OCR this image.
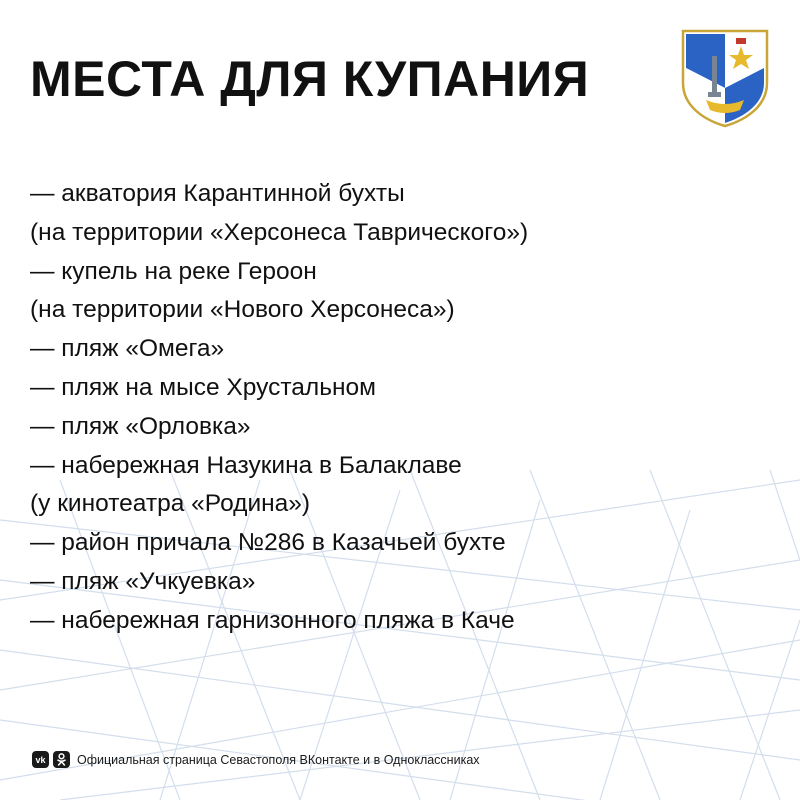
МЕСТА ДЛЯ КУПАНИЯ
— акватория Карантинной бухты
(на территории «Херсонеса Таврического»)
— купель на реке Героон
(на территории «Нового Херсонеса»)
— пляж «Омега»
— пляж на мысе Хрустальном
— пляж «Орловка»
— набережная Назукина в Балаклаве
(у кинотеатра «Родина»)
— район причала №286 в Казачьей бухте
— пляж «Учкуевка»
— набережная гарнизонного пляжа в Каче
vk	Официальная страница Севастополя ВКонтакте и в Одноклассниках
